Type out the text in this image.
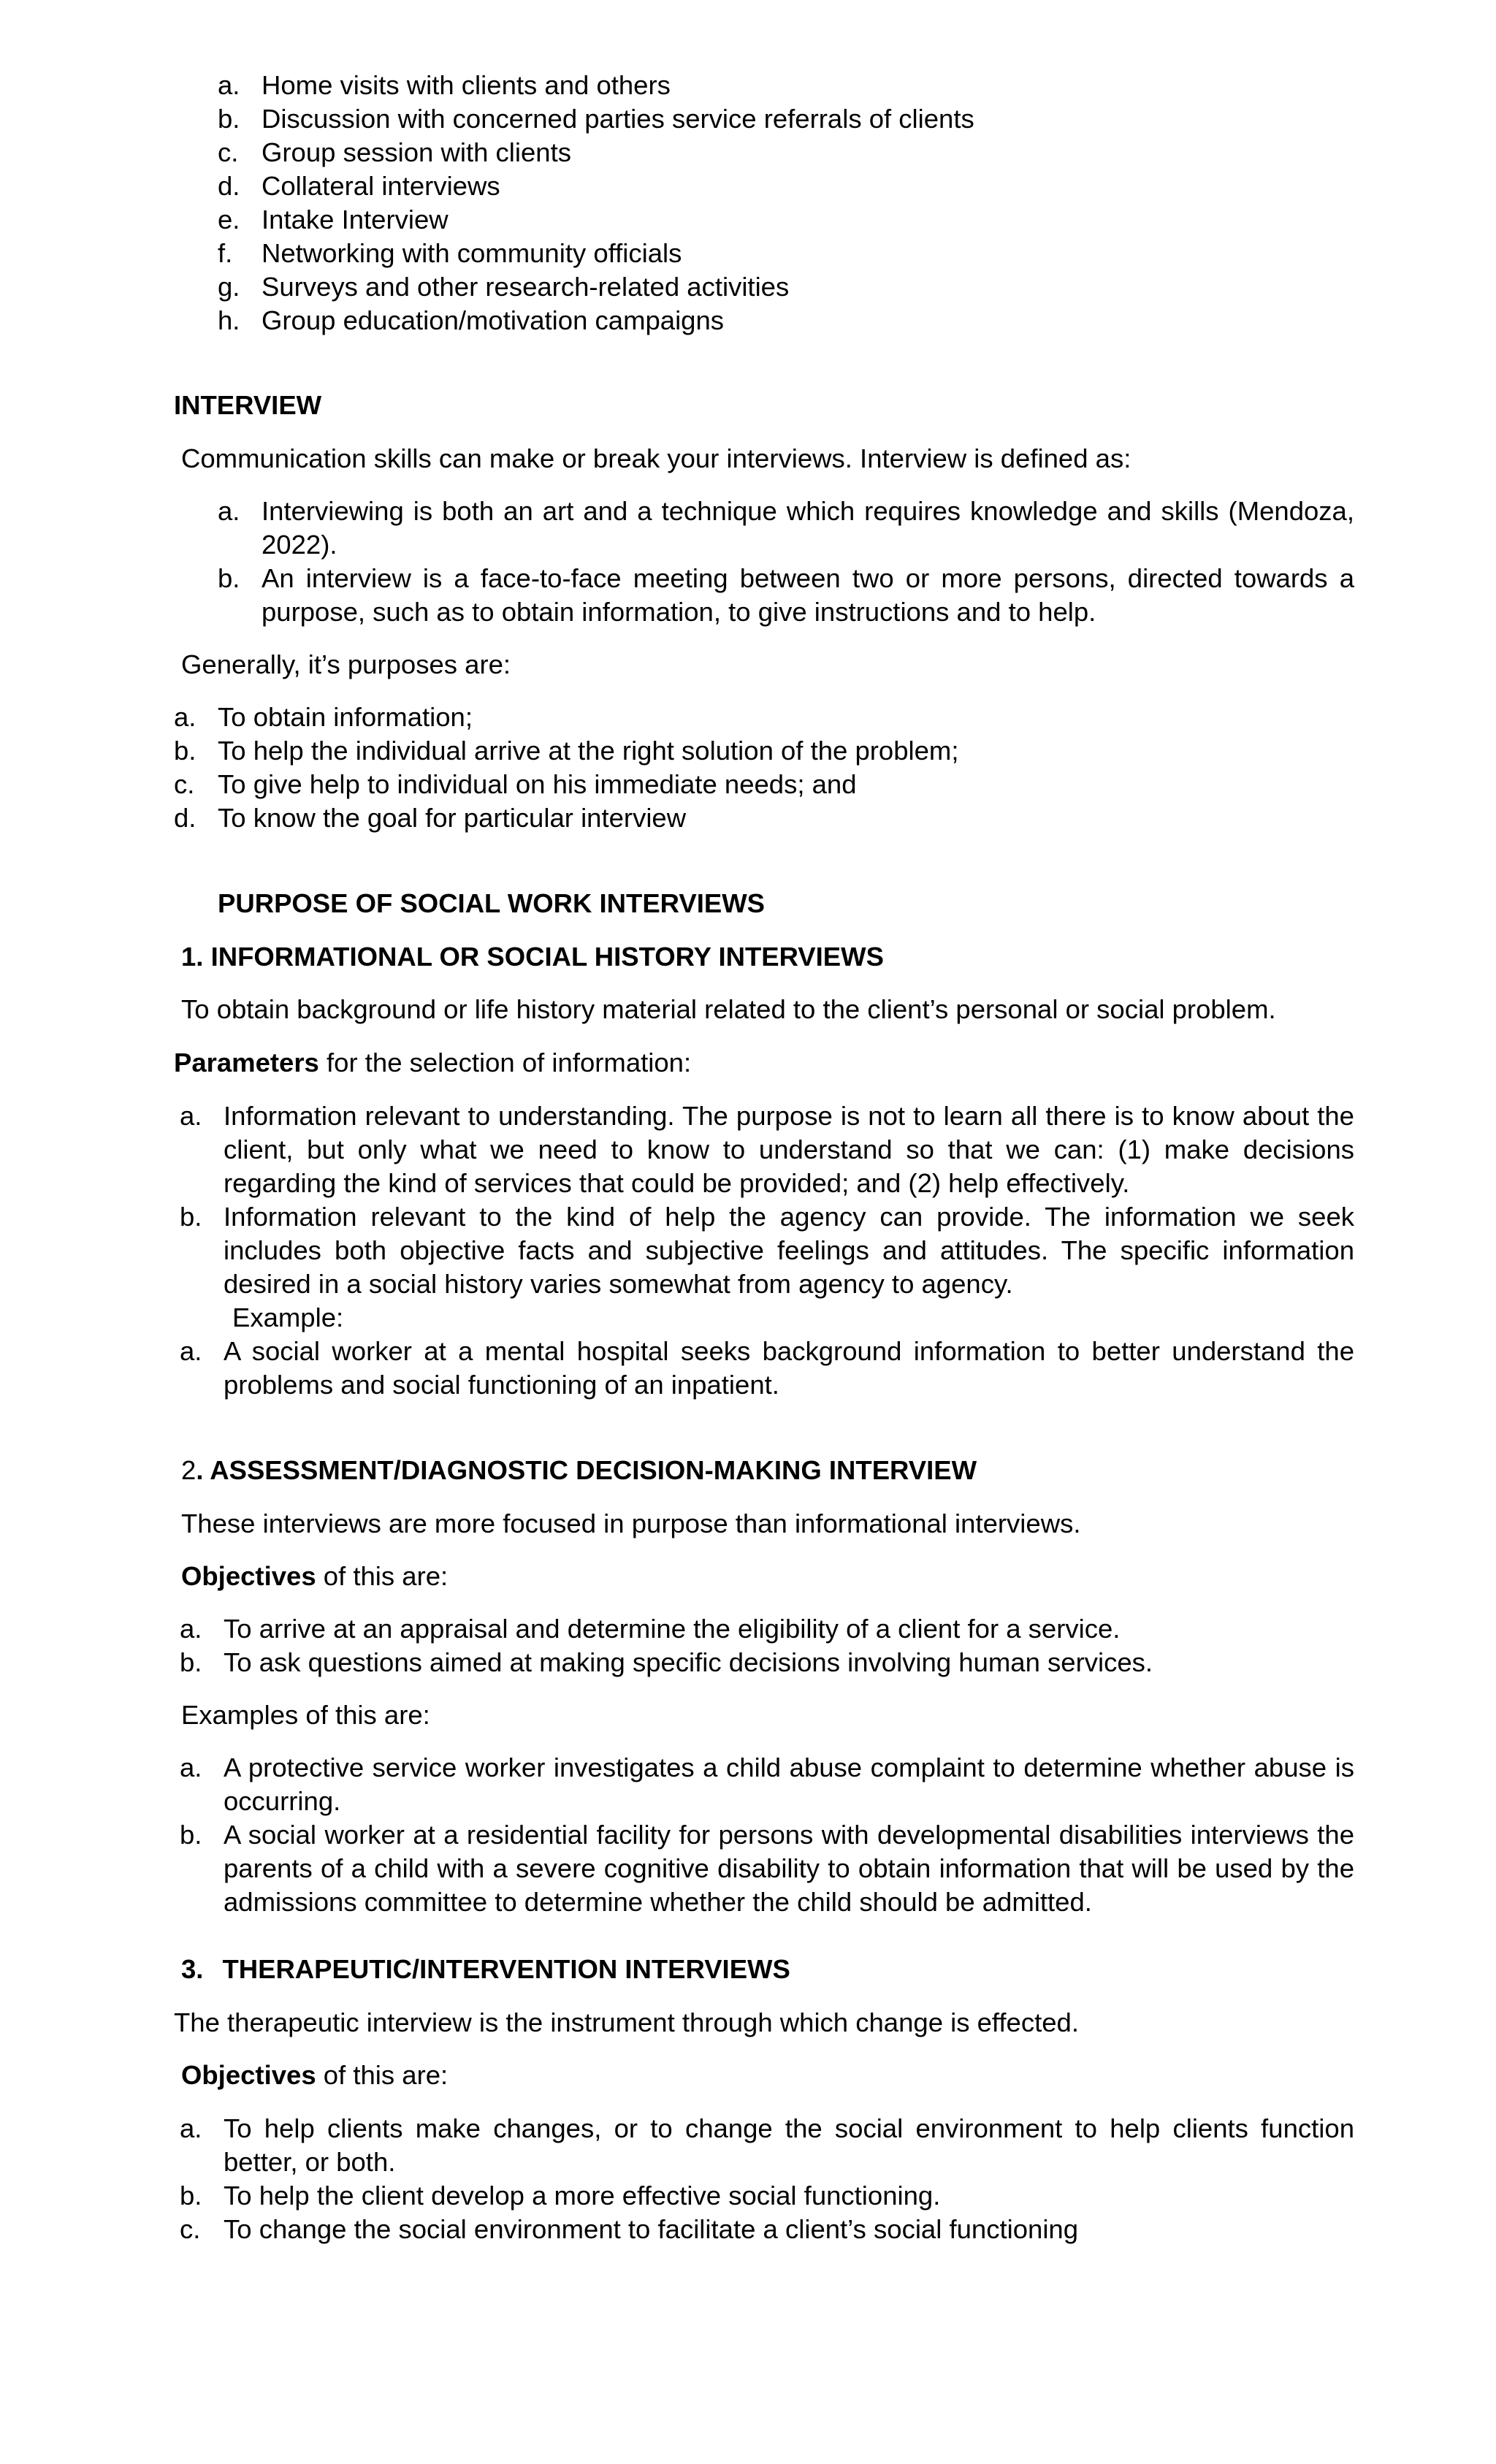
a. Home visits with clients and others
b. Discussion with concerned parties service referrals of clients
c. Group session with clients
d. Collateral interviews
e. Intake Interview
f. Networking with community officials
g. Surveys and other research-related activities
h. Group education/motivation campaigns
INTERVIEW
Communication skills can make or break your interviews. Interview is defined as:
a. Interviewing is both an art and a technique which requires knowledge and skills (Mendoza, 2022).
b. An interview is a face-to-face meeting between two or more persons, directed towards a purpose, such as to obtain information, to give instructions and to help.
Generally, it’s purposes are:
a. To obtain information;
b. To help the individual arrive at the right solution of the problem;
c. To give help to individual on his immediate needs; and
d. To know the goal for particular interview
PURPOSE OF SOCIAL WORK INTERVIEWS
1. INFORMATIONAL OR SOCIAL HISTORY INTERVIEWS
To obtain background or life history material related to the client’s personal or social problem.
Parameters for the selection of information:
a. Information relevant to understanding. The purpose is not to learn all there is to know about the client, but only what we need to know to understand so that we can: (1) make decisions regarding the kind of services that could be provided; and (2) help effectively.
b. Information relevant to the kind of help the agency can provide. The information we seek includes both objective facts and subjective feelings and attitudes. The specific information desired in a social history varies somewhat from agency to agency.
Example:
a. A social worker at a mental hospital seeks background information to better understand the problems and social functioning of an inpatient.
2. ASSESSMENT/DIAGNOSTIC DECISION-MAKING INTERVIEW
These interviews are more focused in purpose than informational interviews.
Objectives of this are:
a. To arrive at an appraisal and determine the eligibility of a client for a service.
b. To ask questions aimed at making specific decisions involving human services.
Examples of this are:
a. A protective service worker investigates a child abuse complaint to determine whether abuse is occurring.
b. A social worker at a residential facility for persons with developmental disabilities interviews the parents of a child with a severe cognitive disability to obtain information that will be used by the admissions committee to determine whether the child should be admitted.
3. THERAPEUTIC/INTERVENTION INTERVIEWS
The therapeutic interview is the instrument through which change is effected.
Objectives of this are:
a. To help clients make changes, or to change the social environment to help clients function better, or both.
b. To help the client develop a more effective social functioning.
c. To change the social environment to facilitate a client’s social functioning
